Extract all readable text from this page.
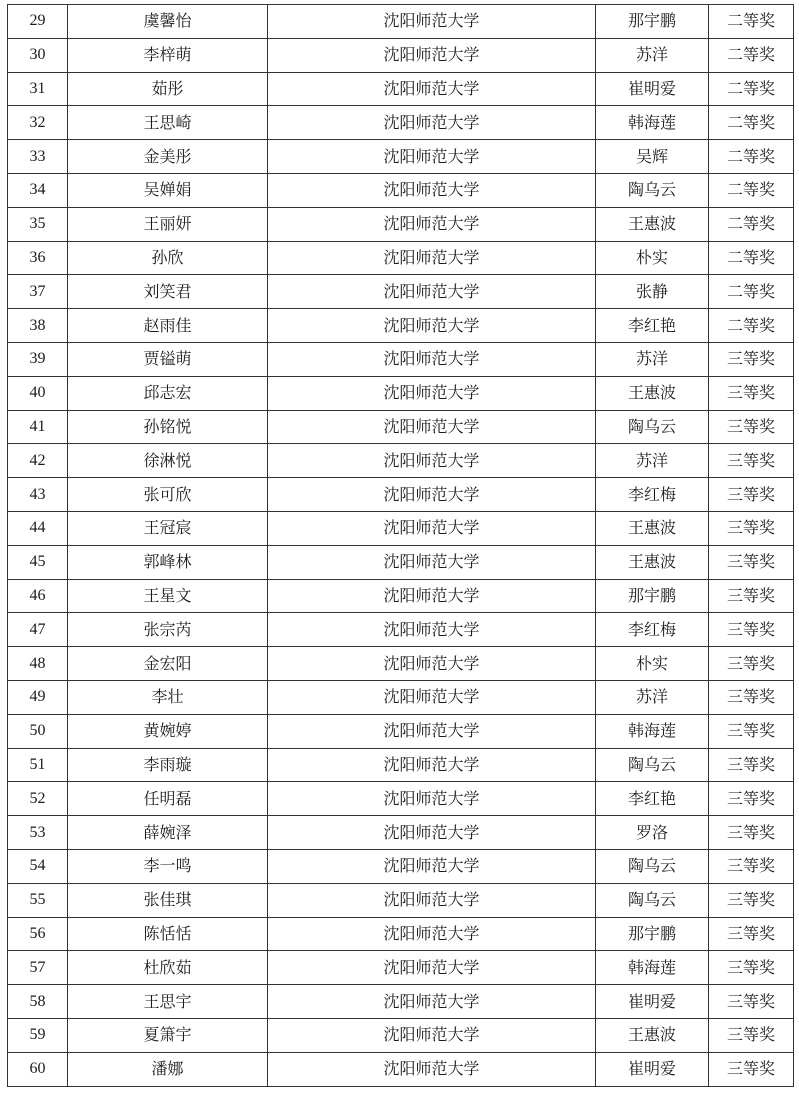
29	虞馨怡	沈阳师范大学	那宇鹏	二等奖
30	李梓萌	沈阳师范大学	苏洋	二等奖
31	茹彤	沈阳师范大学	崔明爱	二等奖
32	王思崎	沈阳师范大学	韩海莲	二等奖
33	金美彤	沈阳师范大学	吴辉	二等奖
34	吴婵娟	沈阳师范大学	陶乌云	二等奖
35	王丽妍	沈阳师范大学	王惠波	二等奖
36	孙欣	沈阳师范大学	朴实	二等奖
37	刘笑君	沈阳师范大学	张静	二等奖
38	赵雨佳	沈阳师范大学	李红艳	二等奖
39	贾镒萌	沈阳师范大学	苏洋	三等奖
40	邱志宏	沈阳师范大学	王惠波	三等奖
41	孙铭悦	沈阳师范大学	陶乌云	三等奖
42	徐淋悦	沈阳师范大学	苏洋	三等奖
43	张可欣	沈阳师范大学	李红梅	三等奖
44	王冠宸	沈阳师范大学	王惠波	三等奖
45	郭峰林	沈阳师范大学	王惠波	三等奖
46	王星文	沈阳师范大学	那宇鹏	三等奖
47	张宗芮	沈阳师范大学	李红梅	三等奖
48	金宏阳	沈阳师范大学	朴实	三等奖
49	李壮	沈阳师范大学	苏洋	三等奖
50	黄婉婷	沈阳师范大学	韩海莲	三等奖
51	李雨璇	沈阳师范大学	陶乌云	三等奖
52	任明磊	沈阳师范大学	李红艳	三等奖
53	薛婉泽	沈阳师范大学	罗洛	三等奖
54	李一鸣	沈阳师范大学	陶乌云	三等奖
55	张佳琪	沈阳师范大学	陶乌云	三等奖
56	陈恬恬	沈阳师范大学	那宇鹏	三等奖
57	杜欣茹	沈阳师范大学	韩海莲	三等奖
58	王思宇	沈阳师范大学	崔明爱	三等奖
59	夏箫宇	沈阳师范大学	王惠波	三等奖
60	潘娜	沈阳师范大学	崔明爱	三等奖
